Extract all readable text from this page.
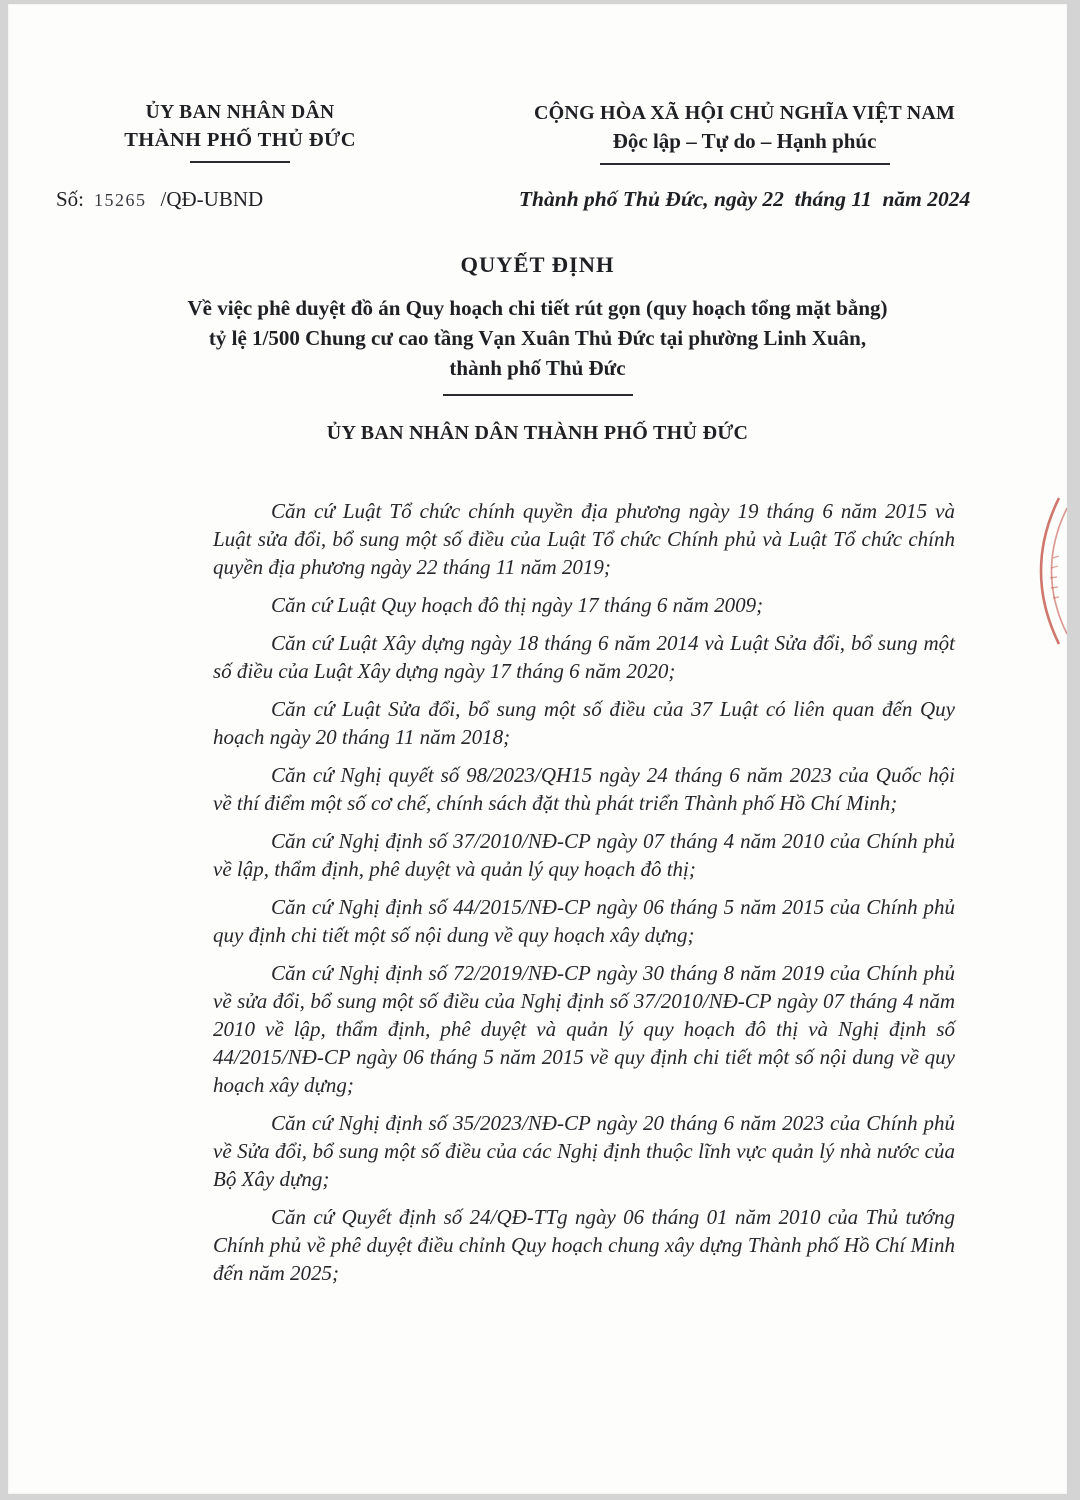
ỦY BAN NHÂN DÂN
THÀNH PHỐ THỦ ĐỨC
Số: 15265 /QĐ-UBND
CỘNG HÒA XÃ HỘI CHỦ NGHĨA VIỆT NAM
Độc lập – Tự do – Hạnh phúc
Thành phố Thủ Đức, ngày 22  tháng 11  năm 2024
QUYẾT ĐỊNH
Về việc phê duyệt đồ án Quy hoạch chi tiết rút gọn (quy hoạch tổng mặt bằng) tỷ lệ 1/500 Chung cư cao tầng Vạn Xuân Thủ Đức tại phường Linh Xuân, thành phố Thủ Đức
ỦY BAN NHÂN DÂN THÀNH PHỐ THỦ ĐỨC

Căn cứ Luật Tổ chức chính quyền địa phương ngày 19 tháng 6 năm 2015 và Luật sửa đổi, bổ sung một số điều của Luật Tổ chức Chính phủ và Luật Tổ chức chính quyền địa phương ngày 22 tháng 11 năm 2019;

Căn cứ Luật Quy hoạch đô thị ngày 17 tháng 6 năm 2009;

Căn cứ Luật Xây dựng ngày 18 tháng 6 năm 2014 và Luật Sửa đổi, bổ sung một số điều của Luật Xây dựng ngày 17 tháng 6 năm 2020;

Căn cứ Luật Sửa đổi, bổ sung một số điều của 37 Luật có liên quan đến Quy hoạch ngày 20 tháng 11 năm 2018;

Căn cứ Nghị quyết số 98/2023/QH15 ngày 24 tháng 6 năm 2023 của Quốc hội về thí điểm một số cơ chế, chính sách đặt thù phát triển Thành phố Hồ Chí Minh;

Căn cứ Nghị định số 37/2010/NĐ-CP ngày 07 tháng 4 năm 2010 của Chính phủ về lập, thẩm định, phê duyệt và quản lý quy hoạch đô thị;

Căn cứ Nghị định số 44/2015/NĐ-CP ngày 06 tháng 5 năm 2015 của Chính phủ quy định chi tiết một số nội dung về quy hoạch xây dựng;

Căn cứ Nghị định số 72/2019/NĐ-CP ngày 30 tháng 8 năm 2019 của Chính phủ về sửa đổi, bổ sung một số điều của Nghị định số 37/2010/NĐ-CP ngày 07 tháng 4 năm 2010 về lập, thẩm định, phê duyệt và quản lý quy hoạch đô thị và Nghị định số 44/2015/NĐ-CP ngày 06 tháng 5 năm 2015 về quy định chi tiết một số nội dung về quy hoạch xây dựng;

Căn cứ Nghị định số 35/2023/NĐ-CP ngày 20 tháng 6 năm 2023 của Chính phủ về Sửa đổi, bổ sung một số điều của các Nghị định thuộc lĩnh vực quản lý nhà nước của Bộ Xây dựng;

Căn cứ Quyết định số 24/QĐ-TTg ngày 06 tháng 01 năm 2010 của Thủ tướng Chính phủ về phê duyệt điều chỉnh Quy hoạch chung xây dựng Thành phố Hồ Chí Minh đến năm 2025;
